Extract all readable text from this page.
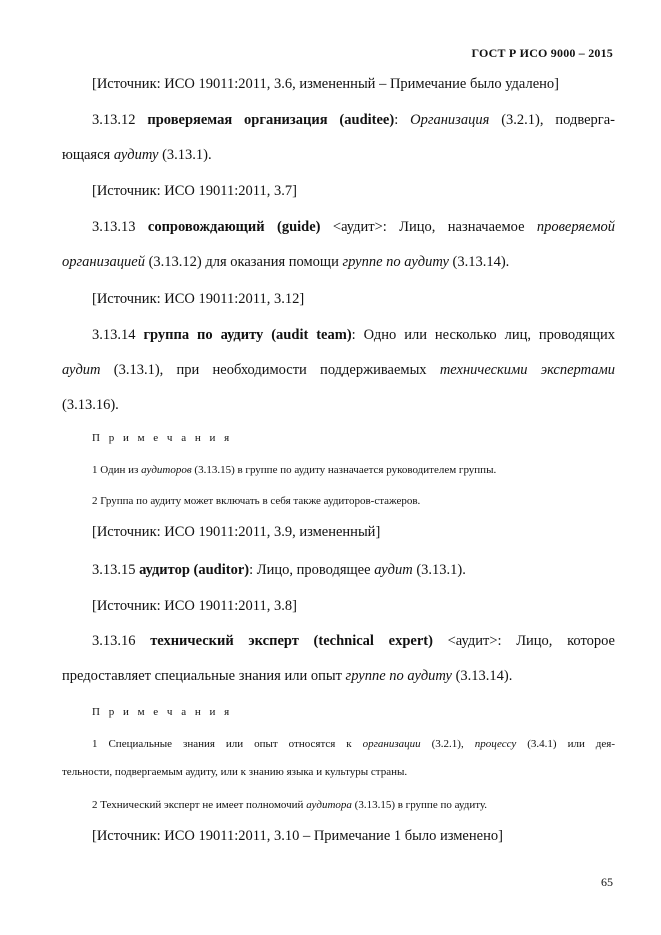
ГОСТ Р ИСО 9000 – 2015
[Источник: ИСО 19011:2011, 3.6, измененный – Примечание было удалено]
3.13.12 проверяемая организация (auditee): Организация (3.2.1), подверга-
ющаяся аудиту (3.13.1).
[Источник: ИСО 19011:2011, 3.7]
3.13.13 сопровождающий (guide) <аудит>: Лицо, назначаемое проверяемой
организацией (3.13.12) для оказания помощи группе по аудиту (3.13.14).
[Источник: ИСО 19011:2011, 3.12]
3.13.14 группа по аудиту (audit team): Одно или несколько лиц, проводящих
аудит (3.13.1), при необходимости поддерживаемых техническими экспертами
(3.13.16).
П р и м е ч а н и я
1 Один из аудиторов (3.13.15) в группе по аудиту назначается руководителем группы.
2 Группа по аудиту может включать в себя также аудиторов-стажеров.
[Источник: ИСО 19011:2011, 3.9, измененный]
3.13.15 аудитор (auditor): Лицо, проводящее аудит (3.13.1).
[Источник: ИСО 19011:2011, 3.8]
3.13.16 технический эксперт (technical expert) <аудит>: Лицо, которое
предоставляет специальные знания или опыт группе по аудиту (3.13.14).
П р и м е ч а н и я
1 Специальные знания или опыт относятся к организации (3.2.1), процессу (3.4.1) или дея-
тельности, подвергаемым аудиту, или к знанию языка и культуры страны.
2 Технический эксперт не имеет полномочий аудитора (3.13.15) в группе по аудиту.
[Источник: ИСО 19011:2011, 3.10 – Примечание 1 было изменено]
65
